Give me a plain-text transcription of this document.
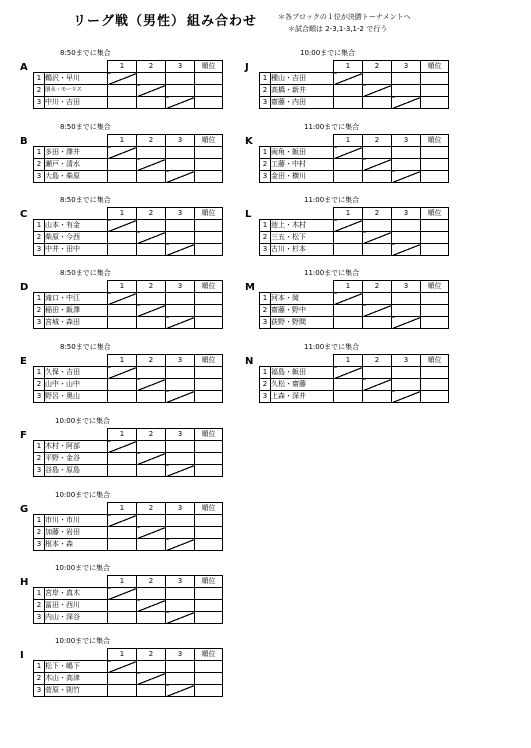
リーグ戦（男性） 組み合わせ	＊各ブロックの１位が決勝トーナメントへ
＊試合順は 2-3,1-3,1-2 で行う
8:50までに集合
A
			1	2	3	順位
1	鵜沢・早川				
2	濱永・モーリス				
3	中川・吉田				
8:50までに集合
B
			1	2	3	順位
1	多田・澤井				
2	瀬戸・清水				
3	大島・柴原				
8:50までに集合
C
			1	2	3	順位
1	山本・有金				
2	柴原・今西				
3	中井・田中				
8:50までに集合
D
			1	2	3	順位
1	滝口・中江				
2	稲田・飯澤				
3	宮城・森田				
8:50までに集合
E
			1	2	3	順位
1	久保・吉田				
2	山中・山中				
3	野呂・奥山				
10:00までに集合
F
			1	2	3	順位
1	木村・阿部				
2	平野・金谷				
3	谷島・原島				
10:00までに集合
G
			1	2	3	順位
1	市川・市川				
2	加藤・岩田				
3	根本・森				
10:00までに集合
H
			1	2	3	順位
1	宮岸・真木				
2	冨田・西川				
3	内山・深谷				
10:00までに集合
I
			1	2	3	順位
1	松下・嶋下				
2	木山・高津				
3	菅原・則竹				
10:00までに集合
J
			1	2	3	順位
1	種山・吉田				
2	高橋・新井				
3	齋藤・内田				
11:00までに集合
K
			1	2	3	順位
1	両角・飯田				
2	工藤・中村				
3	金田・横川				
11:00までに集合
L
			1	2	3	順位
1	池上・木村				
2	三五・松下				
3	古川・杉本				
11:00までに集合
M
			1	2	3	順位
1	河本・岡				
2	齋藤・野中				
3	荻野・野間				
11:00までに集合
N
			1	2	3	順位
1	福島・飯田				
2	久松・齋藤				
3	上森・深井				
